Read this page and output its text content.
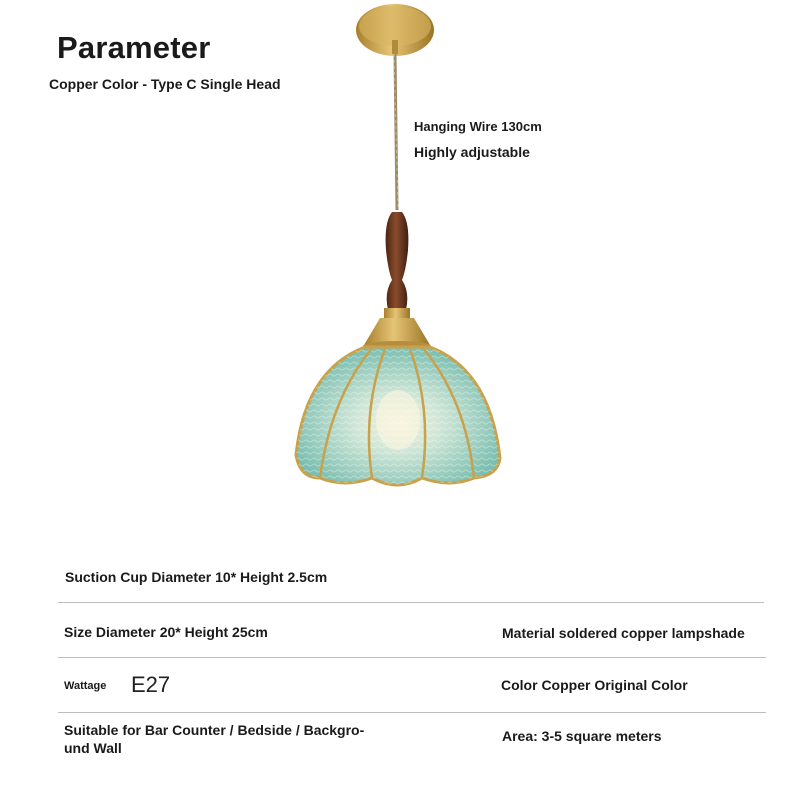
Parameter
Copper Color - Type C Single Head
Hanging Wire 130cm
Highly adjustable
Suction Cup Diameter 10* Height 2.5cm
Size Diameter 20* Height 25cm	Material soldered copper lampshade
Wattage E27	Color Copper Original Color
Suitable for Bar Counter / Bedside / Backgro-
und Wall
Area: 3-5 square meters
